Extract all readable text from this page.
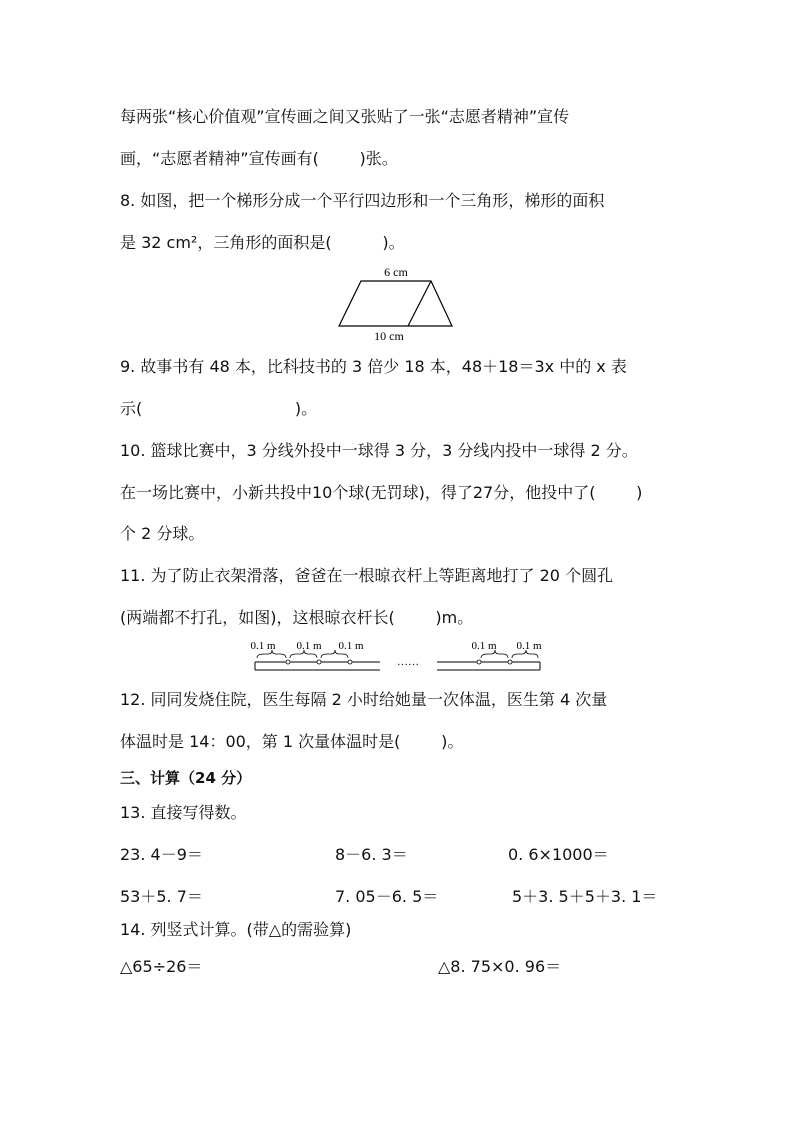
每两张“核心价值观”宣传画之间又张贴了一张“志愿者精神”宣传
画，“志愿者精神”宣传画有(        )张。
8. 如图，把一个梯形分成一个平行四边形和一个三角形，梯形的面积
是 32 cm²，三角形的面积是(          )。
6 cm
10 cm
9. 故事书有 48 本，比科技书的 3 倍少 18 本，48＋18＝3x 中的 x 表
示(                              )。
10. 篮球比赛中，3 分线外投中一球得 3 分，3 分线内投中一球得 2 分。
在一场比赛中，小新共投中10个球(无罚球)，得了27分，他投中了(        )
个 2 分球。
11. 为了防止衣架滑落，爸爸在一根晾衣杆上等距离地打了 20 个圆孔
(两端都不打孔，如图)，这根晾衣杆长(        )m。
0.1 m 0.1 m 0.1 m	0.1 m 0.1 m
……
12. 同同发烧住院，医生每隔 2 小时给她量一次体温，医生第 4 次量
体温时是 14：00，第 1 次量体温时是(        )。
三、计算（24 分）
13. 直接写得数。
23. 4－9＝	8－6. 3＝	0. 6×1000＝
53＋5. 7＝	7. 05－6. 5＝	5＋3. 5＋5＋3. 1＝
14. 列竖式计算。(带△的需验算)
△65÷26＝	△8. 75×0. 96＝
